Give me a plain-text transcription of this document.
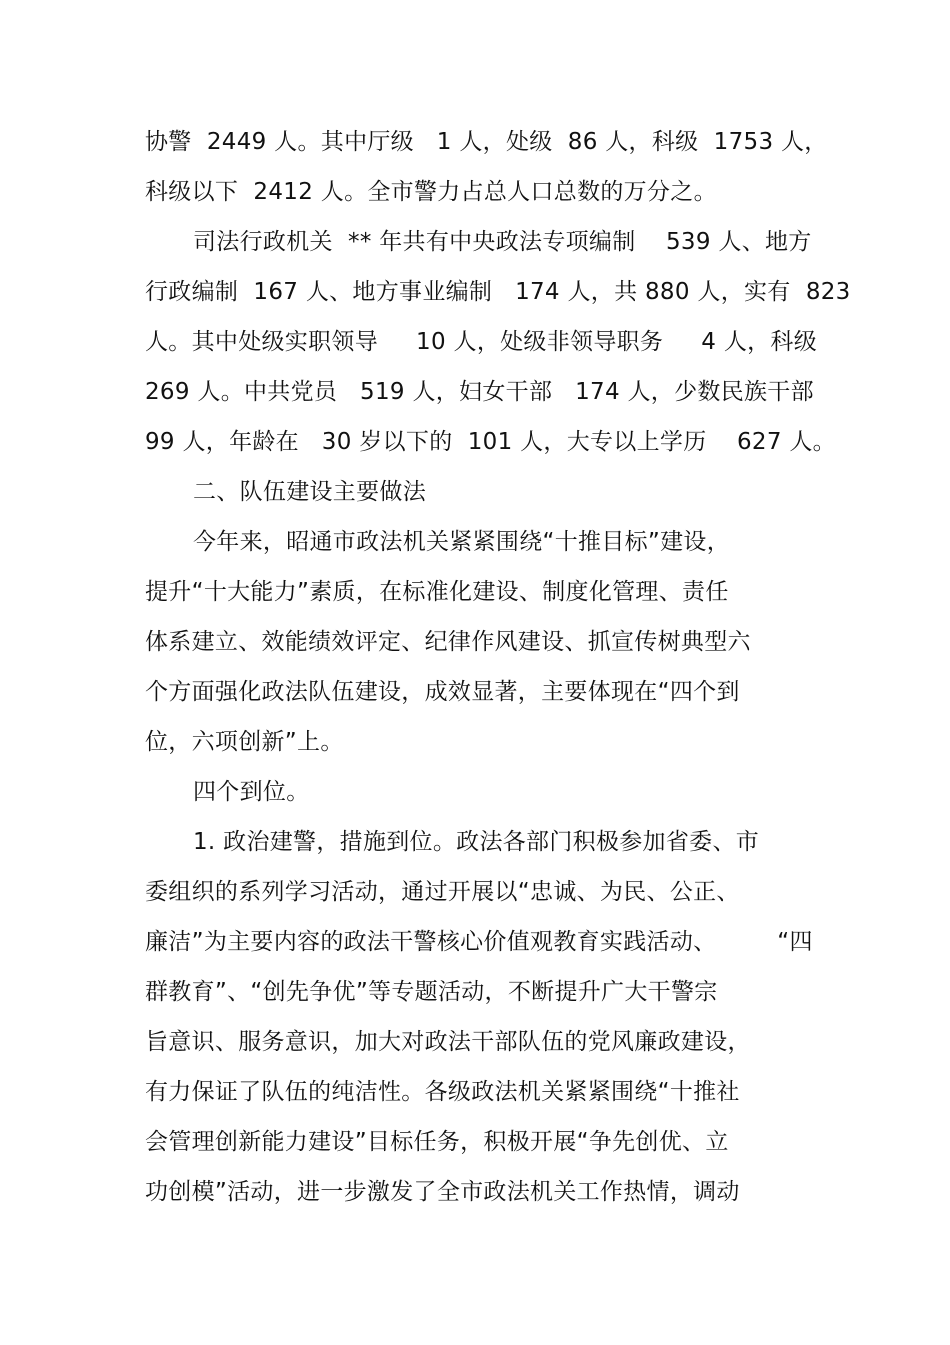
协警  2449 人。其中厅级   1 人，处级  86 人，科级  1753 人，
科级以下  2412 人。全市警力占总人口总数的万分之。
司法行政机关  ** 年共有中央政法专项编制    539 人、地方
行政编制  167 人、地方事业编制   174 人，共 880 人，实有  823
人。其中处级实职领导     10 人，处级非领导职务     4 人，科级
269 人。中共党员   519 人，妇女干部   174 人，少数民族干部
99 人，年龄在   30 岁以下的  101 人，大专以上学历    627 人。
二、队伍建设主要做法
今年来，昭通市政法机关紧紧围绕“十推目标”建设，
提升“十大能力”素质，在标准化建设、制度化管理、责任
体系建立、效能绩效评定、纪律作风建设、抓宣传树典型六
个方面强化政法队伍建设，成效显著，主要体现在“四个到
位，六项创新”上。
四个到位。
1. 政治建警，措施到位。政法各部门积极参加省委、市
委组织的系列学习活动，通过开展以“忠诚、为民、公正、
廉洁”为主要内容的政法干警核心价值观教育实践活动、        “四
群教育”、“创先争优”等专题活动，不断提升广大干警宗
旨意识、服务意识，加大对政法干部队伍的党风廉政建设，
有力保证了队伍的纯洁性。各级政法机关紧紧围绕“十推社
会管理创新能力建设”目标任务，积极开展“争先创优、立
功创模”活动，进一步激发了全市政法机关工作热情，调动
